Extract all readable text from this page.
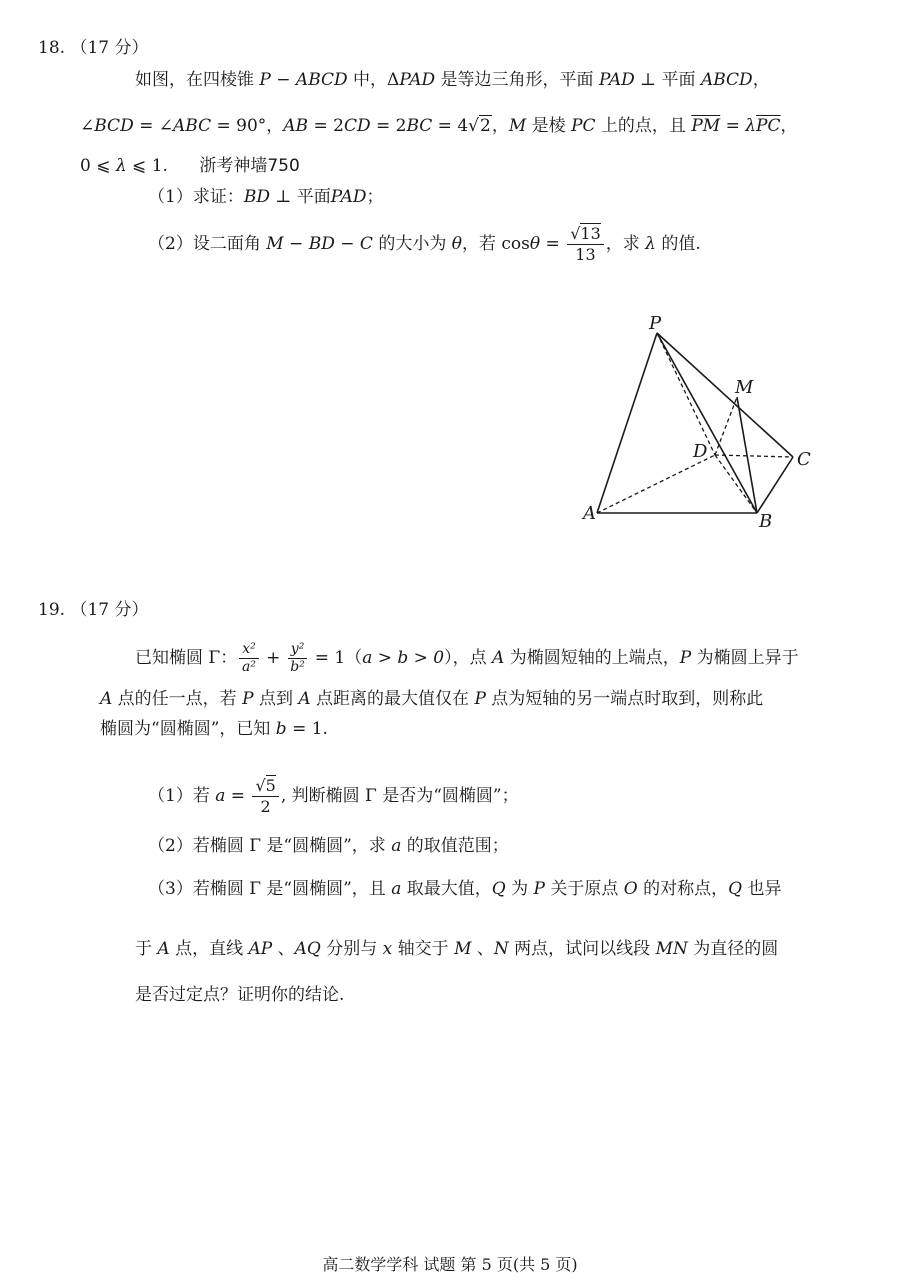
18. （17 分）
如图，在四棱锥 P − ABCD 中，ΔPAD 是等边三角形，平面 PAD ⊥ 平面 ABCD，
∠BCD = ∠ABC = 90°，AB = 2CD = 2BC = 4√2，M 是棱 PC 上的点，且 $\overline{PM} = \lambda\overline{PC}$，
0 ⩽ λ ⩽ 1. 浙考神墙750
（1）求证：BD ⊥ 平面PAD；
（2）设二面角 M − BD − C 的大小为 θ，若 $\cos\theta = \frac{√13}{13}$ ，求 λ 的值.
P
M
D	C
A	B
19. （17 分）
已知椭圆 Γ： $\frac{\text{x²}}{\text{a²}} + \frac{\text{y²}}{\text{b²}} = 1(a > b > 0)$，点 A 为椭圆短轴的上端点，P 为椭圆上异于
A 点的任一点，若 P 点到 A 点距离的最大值仅在 P 点为短轴的另一端点时取到，则称此
椭圆为“圆椭圆”，已知 b = 1.
（1）若 $a = \frac{√5}{2}$ , 判断椭圆 Γ 是否为“圆椭圆”；
（2）若椭圆 Γ 是“圆椭圆”，求 a 的取值范围；
（3）若椭圆 Γ 是“圆椭圆”，且 a 取最大值，Q 为 P 关于原点 O 的对称点，Q 也异
于 A 点，直线 AP 、AQ 分别与 x 轴交于 M 、N 两点，试问以线段 MN 为直径的圆
是否过定点？证明你的结论.
高二数学学科 试题 第 5 页(共 5 页)
